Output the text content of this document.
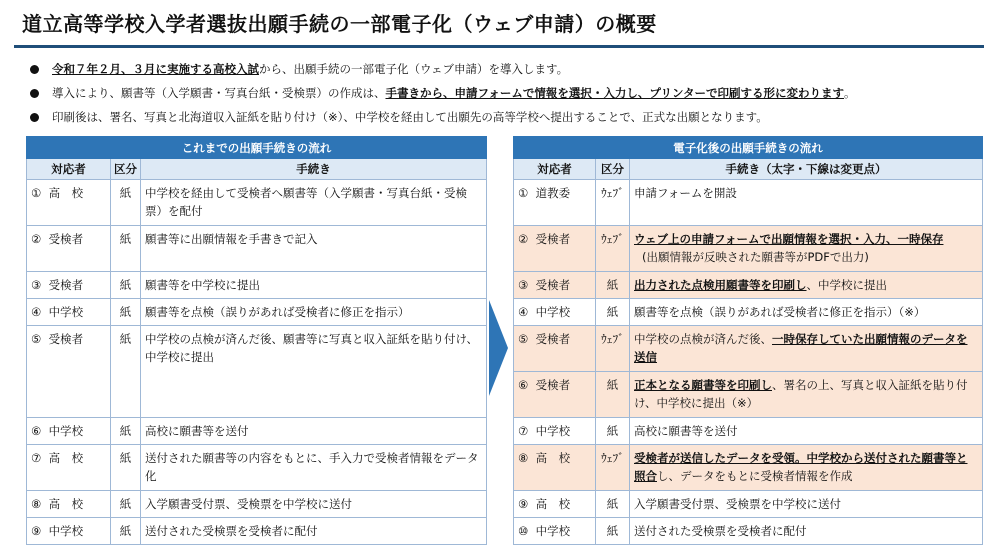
道立高等学校入学者選抜出願手続の一部電子化（ウェブ申請）の概要
令和７年２月、３月に実施する高校入試から、出願手続の一部電子化（ウェブ申請）を導入します。
導入により、願書等（入学願書・写真台紙・受検票）の作成は、手書きから、申請フォームで情報を選択・入力し、プリンターで印刷する形に変わります。
印刷後は、署名、写真と北海道収入証紙を貼り付け（※）、中学校を経由して出願先の高等学校へ提出することで、正式な出願となります。
これまでの出願手続きの流れ		
対応者	区分	手続き
① 高　校	紙	中学校を経由して受検者へ願書等（入学願書・写真台紙・受検票）を配付
② 受検者	紙	願書等に出願情報を手書きで記入
③ 受検者	紙	願書等を中学校に提出
④ 中学校	紙	願書等を点検（誤りがあれば受検者に修正を指示）
⑤ 受検者	紙	中学校の点検が済んだ後、願書等に写真と収入証紙を貼り付け、中学校に提出
⑥ 中学校	紙	高校に願書等を送付
⑦ 高　校	紙	送付された願書等の内容をもとに、手入力で受検者情報をデータ化
⑧ 高　校	紙	入学願書受付票、受検票を中学校に送付
⑨ 中学校	紙	送付された受検票を受検者に配付
電子化後の出願手続きの流れ		
対応者	区分	手続き（太字・下線は変更点）
① 道教委	ｳｪﾌﾞ	申請フォームを開設
② 受検者	ｳｪﾌﾞ	ウェブ上の申請フォームで出願情報を選択・入力、一時保存
(出願情報が反映された願書等がPDFで出力)

③ 受検者	紙	出力された点検用願書等を印刷し、中学校に提出
④ 中学校	紙	願書等を点検（誤りがあれば受検者に修正を指示）（※）
⑤ 受検者	ｳｪﾌﾞ	中学校の点検が済んだ後、一時保存していた出願情報のデータを送信
⑥ 受検者	紙	正本となる願書等を印刷し、署名の上、写真と収入証紙を貼り付け、中学校に提出（※）
⑦ 中学校	紙	高校に願書等を送付
⑧ 高　校	ｳｪﾌﾞ	受検者が送信したデータを受領。中学校から送付された願書等と照合し、データをもとに受検者情報を作成
⑨ 高　校	紙	入学願書受付票、受検票を中学校に送付
⑩ 中学校	紙	送付された受検票を受検者に配付
